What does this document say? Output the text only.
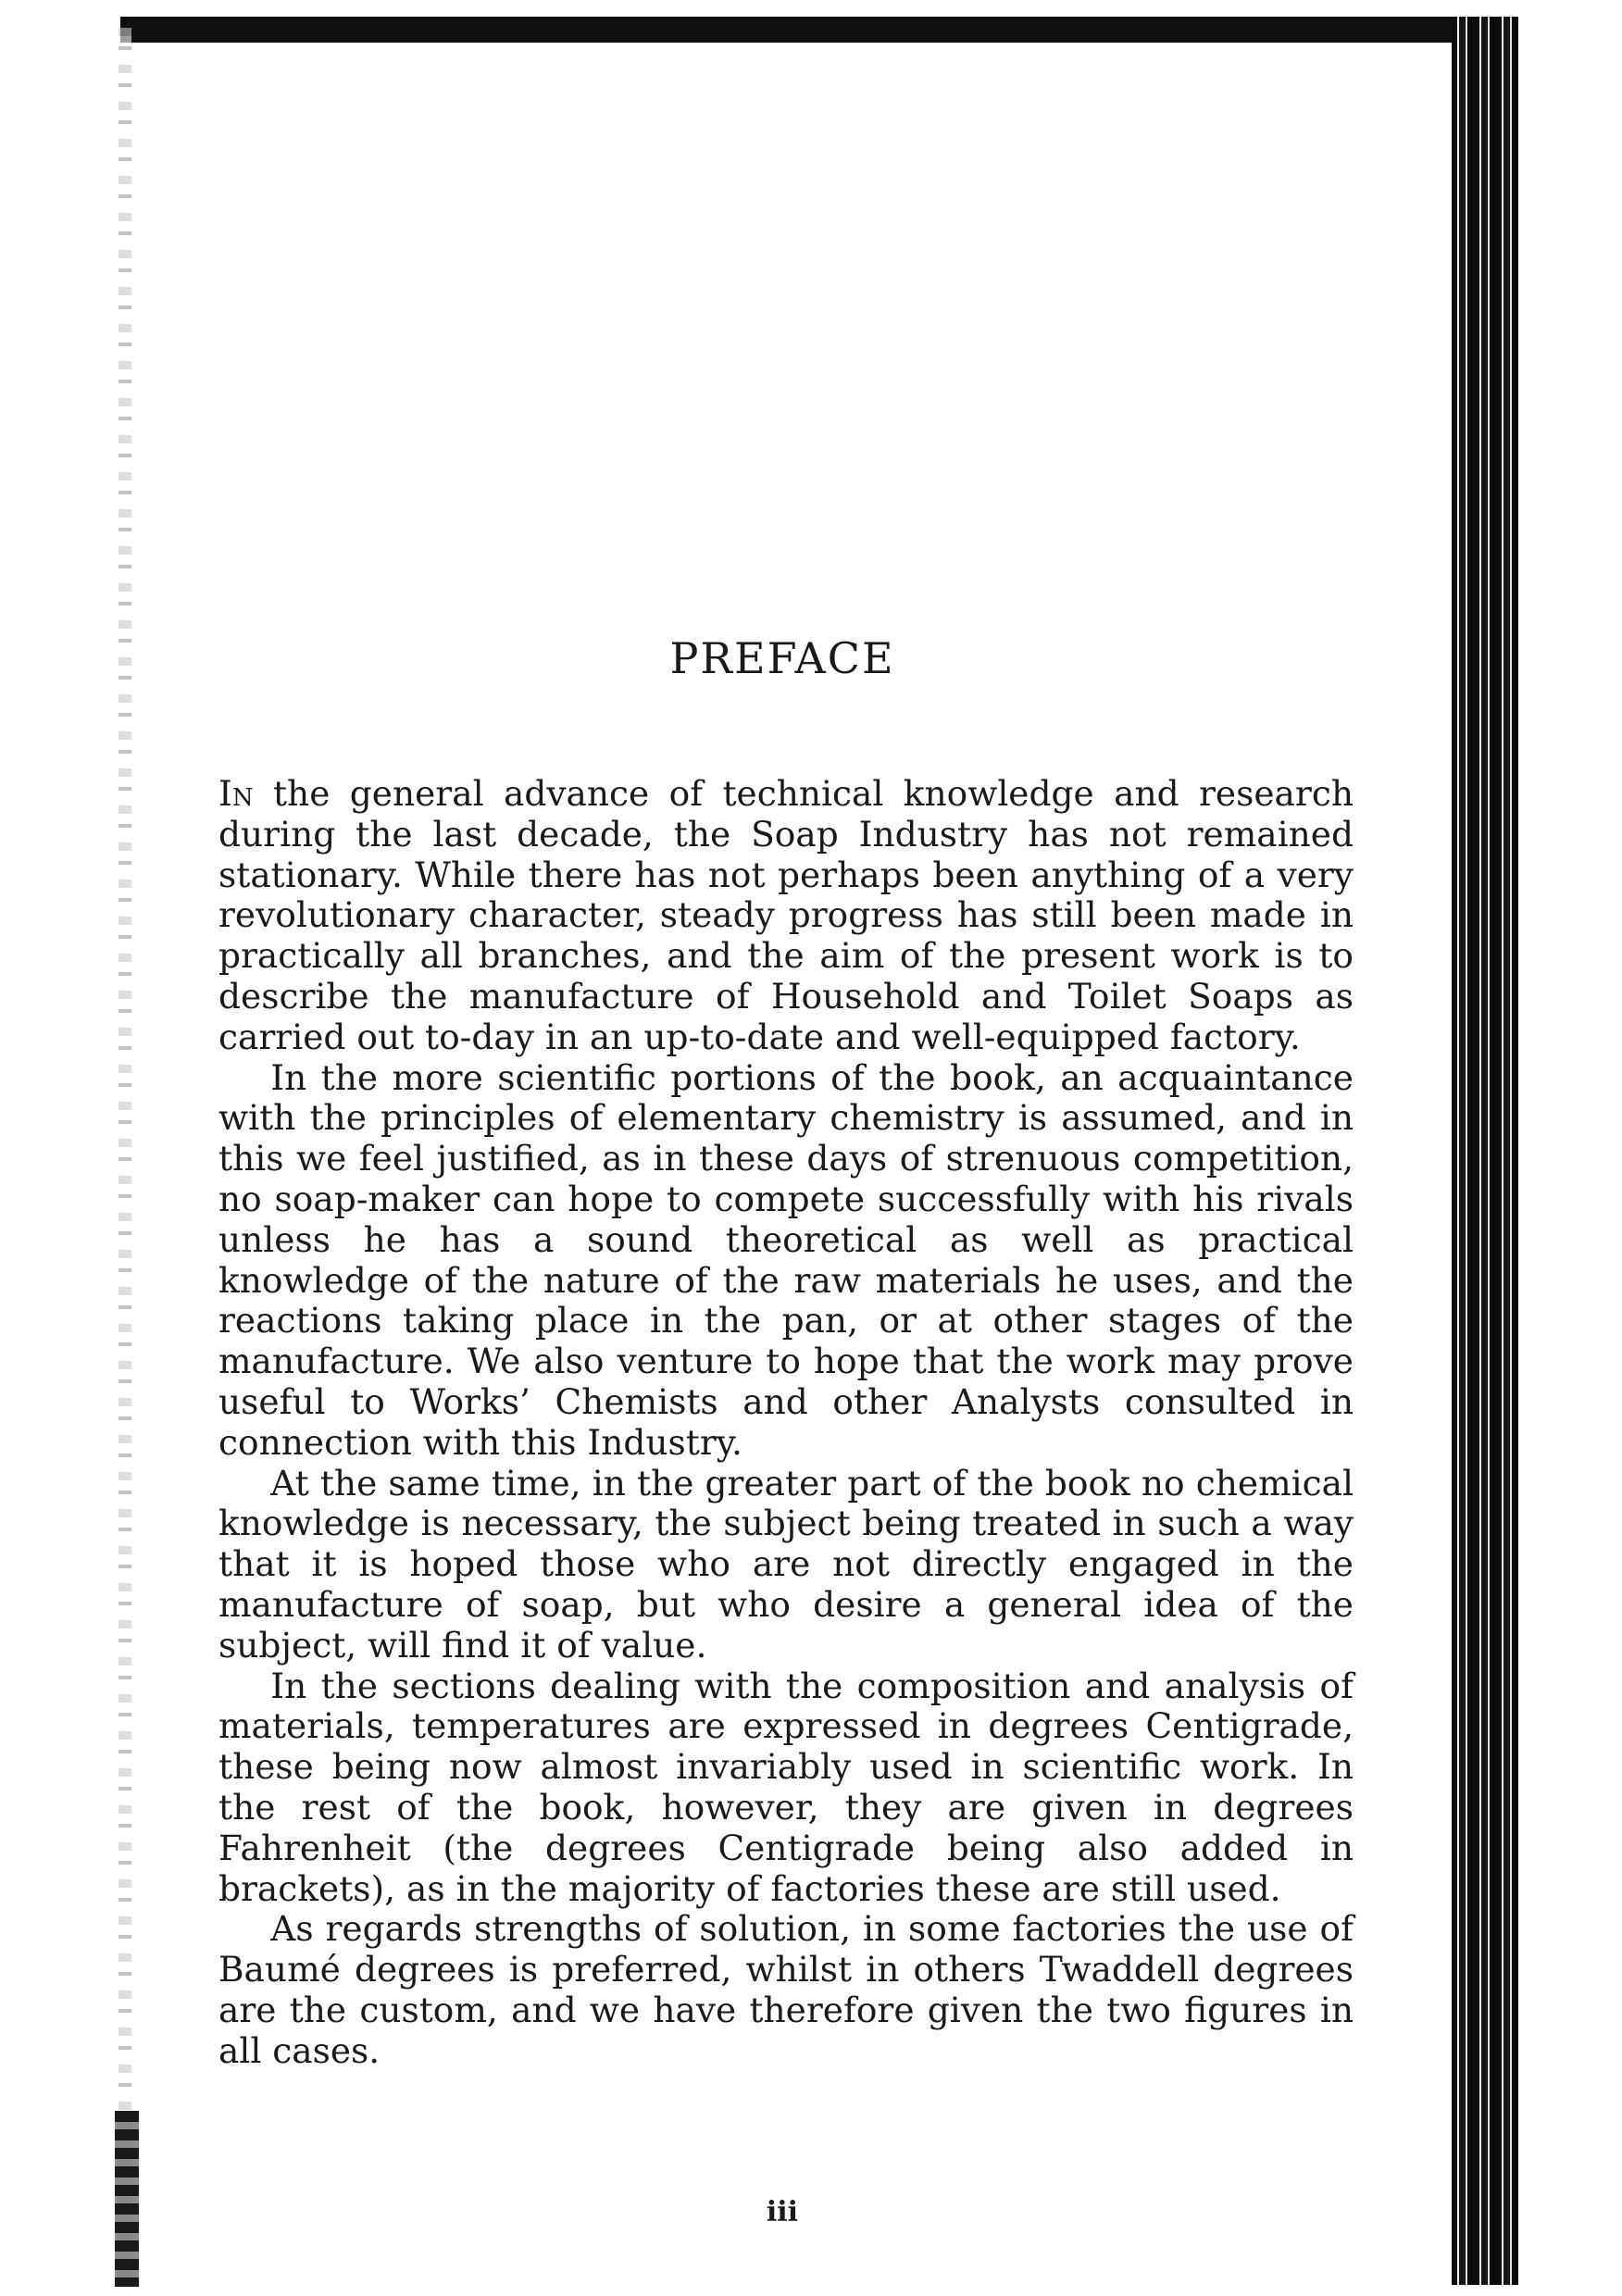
PREFACE

In the general advance of technical knowledge and research during the last decade, the Soap Industry has not remained stationary. While there has not perhaps been anything of a very revolutionary character, steady progress has still been made in practically all branches, and the aim of the present work is to describe the manufacture of Household and Toilet Soaps as carried out to-day in an up-to-date and well-equipped factory.

In the more scientific portions of the book, an acquaintance with the principles of elementary chemistry is assumed, and in this we feel justified, as in these days of strenuous competition, no soap-maker can hope to compete successfully with his rivals unless he has a sound theoretical as well as practical knowledge of the nature of the raw materials he uses, and the reactions taking place in the pan, or at other stages of the manufacture. We also venture to hope that the work may prove useful to Works’ Chemists and other Analysts consulted in connection with this Industry.

At the same time, in the greater part of the book no chemical knowledge is necessary, the subject being treated in such a way that it is hoped those who are not directly engaged in the manufacture of soap, but who desire a general idea of the subject, will find it of value.

In the sections dealing with the composition and analysis of materials, temperatures are expressed in degrees Centigrade, these being now almost invariably used in scientific work. In the rest of the book, however, they are given in degrees Fahrenheit (the degrees Centigrade being also added in brackets), as in the majority of factories these are still used.

As regards strengths of solution, in some factories the use of Baumé degrees is preferred, whilst in others Twaddell degrees are the custom, and we have therefore given the two figures in all cases.

iii
